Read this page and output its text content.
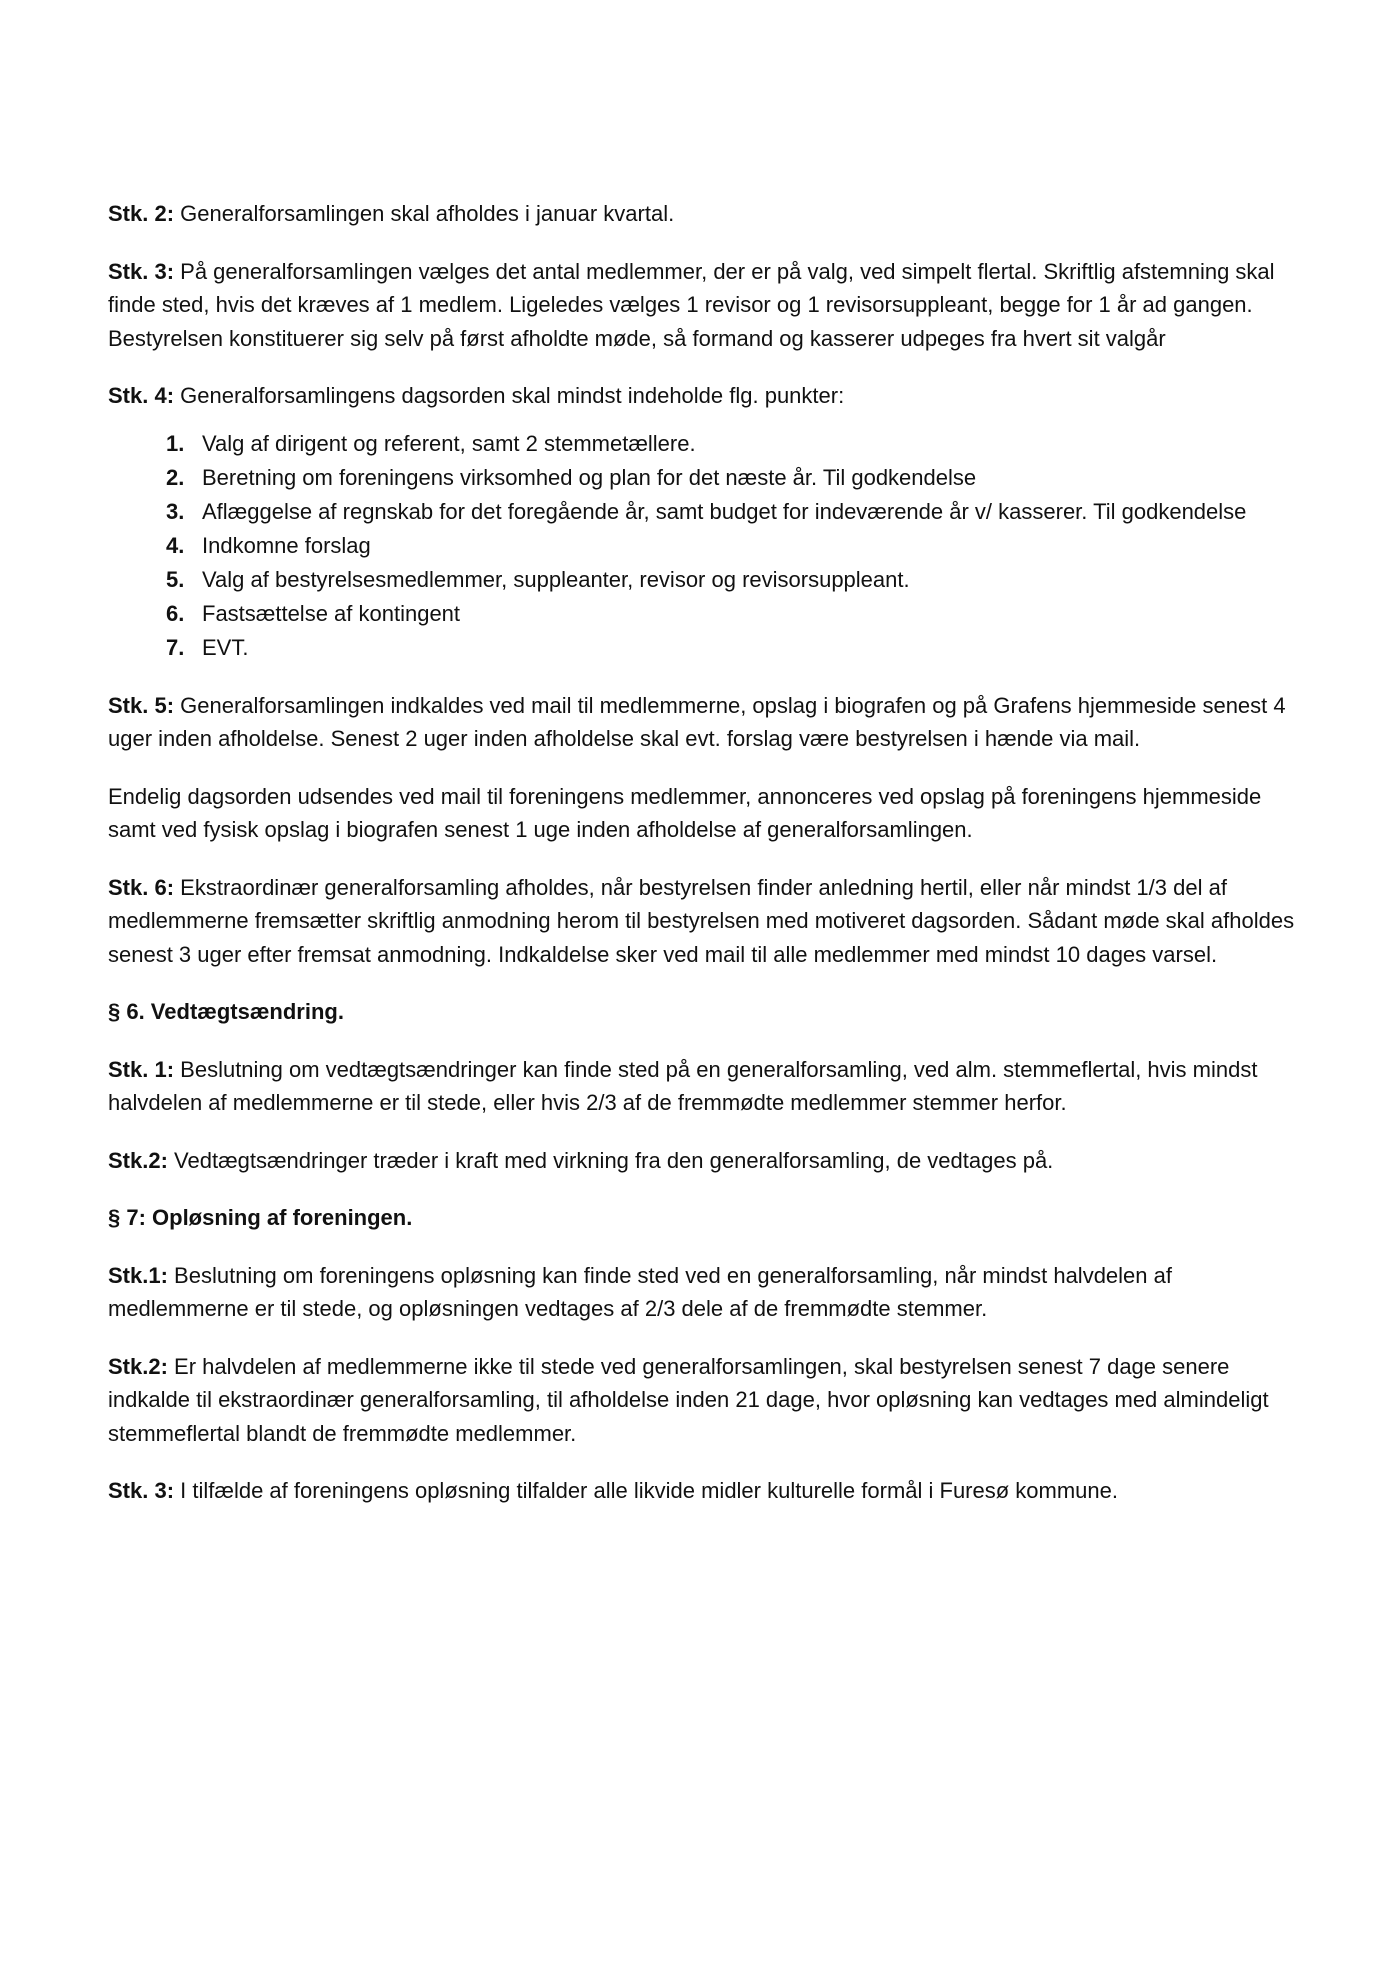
Stk. 2: Generalforsamlingen skal afholdes i januar kvartal.

Stk. 3: På generalforsamlingen vælges det antal medlemmer, der er på valg, ved simpelt flertal. Skriftlig afstemning skal finde sted, hvis det kræves af 1 medlem. Ligeledes vælges 1 revisor og 1 revisorsuppleant, begge for 1 år ad gangen. Bestyrelsen konstituerer sig selv på først afholdte møde, så formand og kasserer udpeges fra hvert sit valgår

Stk. 4: Generalforsamlingens dagsorden skal mindst indeholde flg. punkter:

1. Valg af dirigent og referent, samt 2 stemmetællere.
2. Beretning om foreningens virksomhed og plan for det næste år. Til godkendelse
3. Aflæggelse af regnskab for det foregående år, samt budget for indeværende år v/ kasserer. Til godkendelse
4. Indkomne forslag
5. Valg af bestyrelsesmedlemmer, suppleanter, revisor og revisorsuppleant.
6. Fastsættelse af kontingent
7. EVT.

Stk. 5: Generalforsamlingen indkaldes ved mail til medlemmerne, opslag i biografen og på Grafens hjemmeside senest 4 uger inden afholdelse. Senest 2 uger inden afholdelse skal evt. forslag være bestyrelsen i hænde via mail.

Endelig dagsorden udsendes ved mail til foreningens medlemmer, annonceres ved opslag på foreningens hjemmeside samt ved fysisk opslag i biografen senest 1 uge inden afholdelse af generalforsamlingen.

Stk. 6: Ekstraordinær generalforsamling afholdes, når bestyrelsen finder anledning hertil, eller når mindst 1/3 del af medlemmerne fremsætter skriftlig anmodning herom til bestyrelsen med motiveret dagsorden. Sådant møde skal afholdes senest 3 uger efter fremsat anmodning. Indkaldelse sker ved mail til alle medlemmer med mindst 10 dages varsel.

§ 6. Vedtægtsændring.

Stk. 1: Beslutning om vedtægtsændringer kan finde sted på en generalforsamling, ved alm. stemmeflertal, hvis mindst halvdelen af medlemmerne er til stede, eller hvis 2/3 af de fremmødte medlemmer stemmer herfor.

Stk.2: Vedtægtsændringer træder i kraft med virkning fra den generalforsamling, de vedtages på.

§ 7: Opløsning af foreningen.

Stk.1: Beslutning om foreningens opløsning kan finde sted ved en generalforsamling, når mindst halvdelen af medlemmerne er til stede, og opløsningen vedtages af 2/3 dele af de fremmødte stemmer.

Stk.2: Er halvdelen af medlemmerne ikke til stede ved generalforsamlingen, skal bestyrelsen senest 7 dage senere indkalde til ekstraordinær generalforsamling, til afholdelse inden 21 dage, hvor opløsning kan vedtages med almindeligt stemmeflertal blandt de fremmødte medlemmer.

Stk. 3: I tilfælde af foreningens opløsning tilfalder alle likvide midler kulturelle formål i Furesø kommune.
